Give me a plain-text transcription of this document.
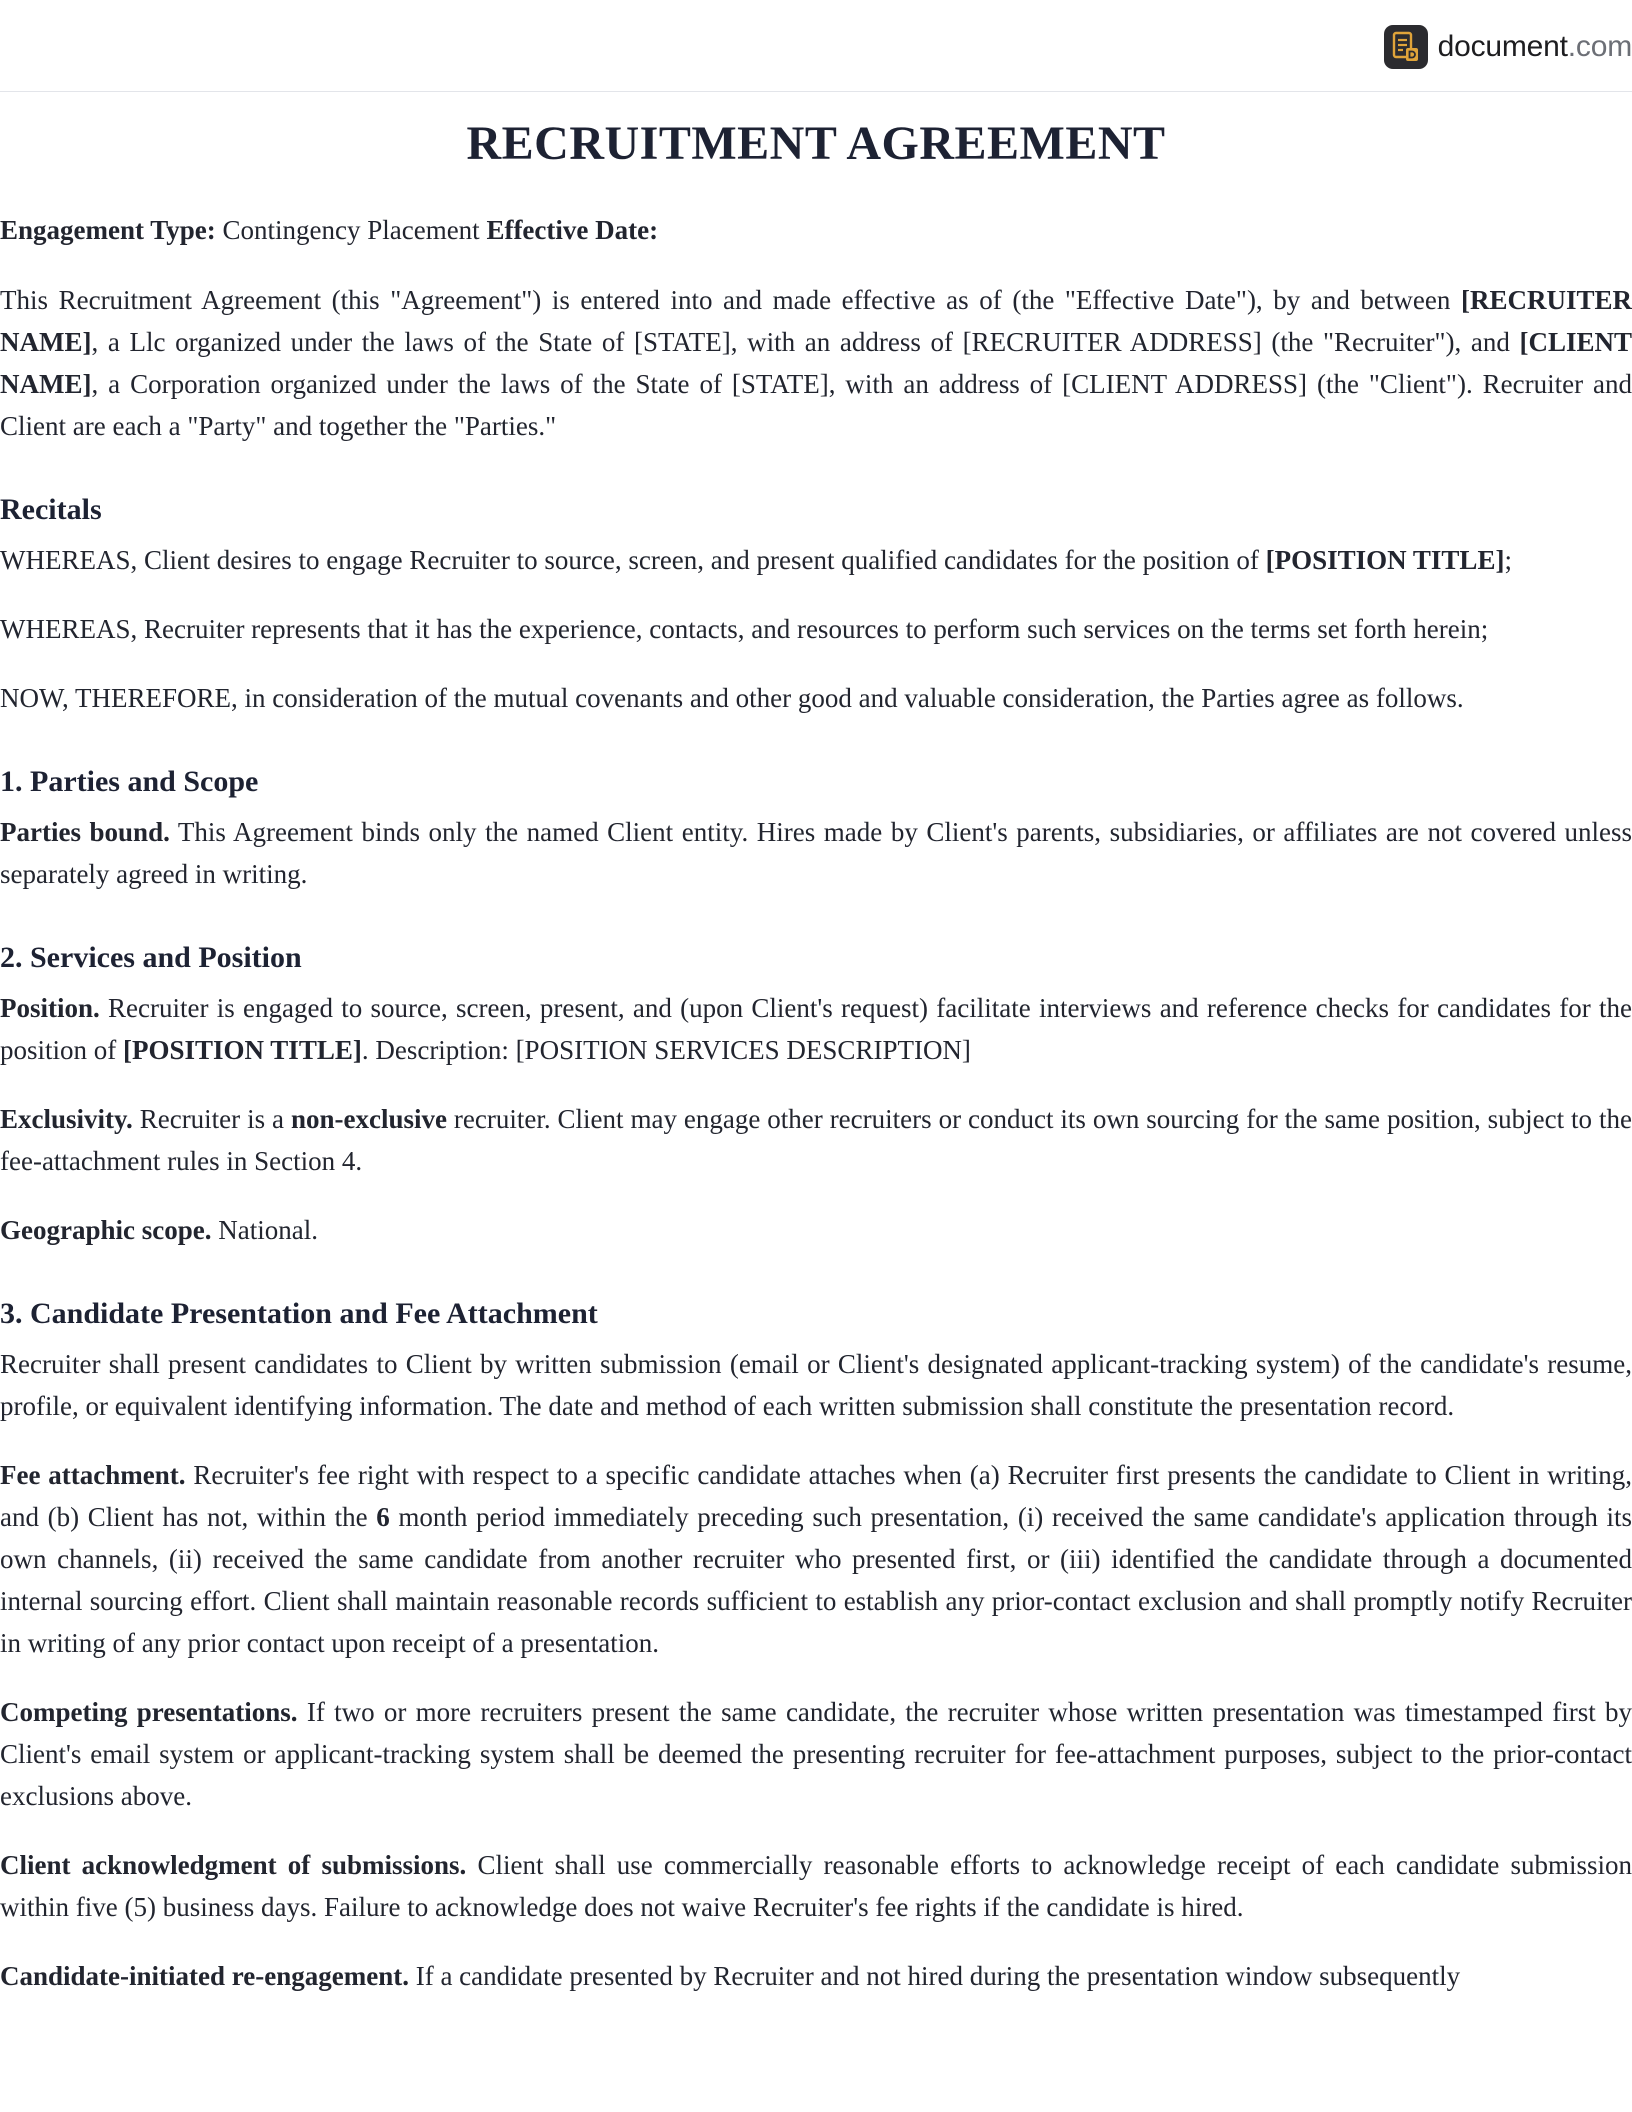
document.com
RECRUITMENT AGREEMENT

Engagement Type: Contingency Placement Effective Date:

This Recruitment Agreement (this "Agreement") is entered into and made effective as of (the "Effective Date"), by and between [RECRUITER NAME], a Llc organized under the laws of the State of [STATE], with an address of [RECRUITER ADDRESS] (the "Recruiter"), and [CLIENT NAME], a Corporation organized under the laws of the State of [STATE], with an address of [CLIENT ADDRESS] (the "Client"). Recruiter and Client are each a "Party" and together the "Parties."

Recitals

WHEREAS, Client desires to engage Recruiter to source, screen, and present qualified candidates for the position of [POSITION TITLE];

WHEREAS, Recruiter represents that it has the experience, contacts, and resources to perform such services on the terms set forth herein;

NOW, THEREFORE, in consideration of the mutual covenants and other good and valuable consideration, the Parties agree as follows.

1. Parties and Scope

Parties bound. This Agreement binds only the named Client entity. Hires made by Client's parents, subsidiaries, or affiliates are not covered unless separately agreed in writing.

2. Services and Position

Position. Recruiter is engaged to source, screen, present, and (upon Client's request) facilitate interviews and reference checks for candidates for the position of [POSITION TITLE]. Description: [POSITION SERVICES DESCRIPTION]

Exclusivity. Recruiter is a non-exclusive recruiter. Client may engage other recruiters or conduct its own sourcing for the same position, subject to the fee-attachment rules in Section 4.

Geographic scope. National.

3. Candidate Presentation and Fee Attachment

Recruiter shall present candidates to Client by written submission (email or Client's designated applicant-tracking system) of the candidate's resume, profile, or equivalent identifying information. The date and method of each written submission shall constitute the presentation record.

Fee attachment. Recruiter's fee right with respect to a specific candidate attaches when (a) Recruiter first presents the candidate to Client in writing, and (b) Client has not, within the 6 month period immediately preceding such presentation, (i) received the same candidate's application through its own channels, (ii) received the same candidate from another recruiter who presented first, or (iii) identified the candidate through a documented internal sourcing effort. Client shall maintain reasonable records sufficient to establish any prior-contact exclusion and shall promptly notify Recruiter in writing of any prior contact upon receipt of a presentation.

Competing presentations. If two or more recruiters present the same candidate, the recruiter whose written presentation was timestamped first by Client's email system or applicant-tracking system shall be deemed the presenting recruiter for fee-attachment purposes, subject to the prior-contact exclusions above.

Client acknowledgment of submissions. Client shall use commercially reasonable efforts to acknowledge receipt of each candidate submission within five (5) business days. Failure to acknowledge does not waive Recruiter's fee rights if the candidate is hired.

Candidate-initiated re-engagement. If a candidate presented by Recruiter and not hired during the presentation window subsequently
